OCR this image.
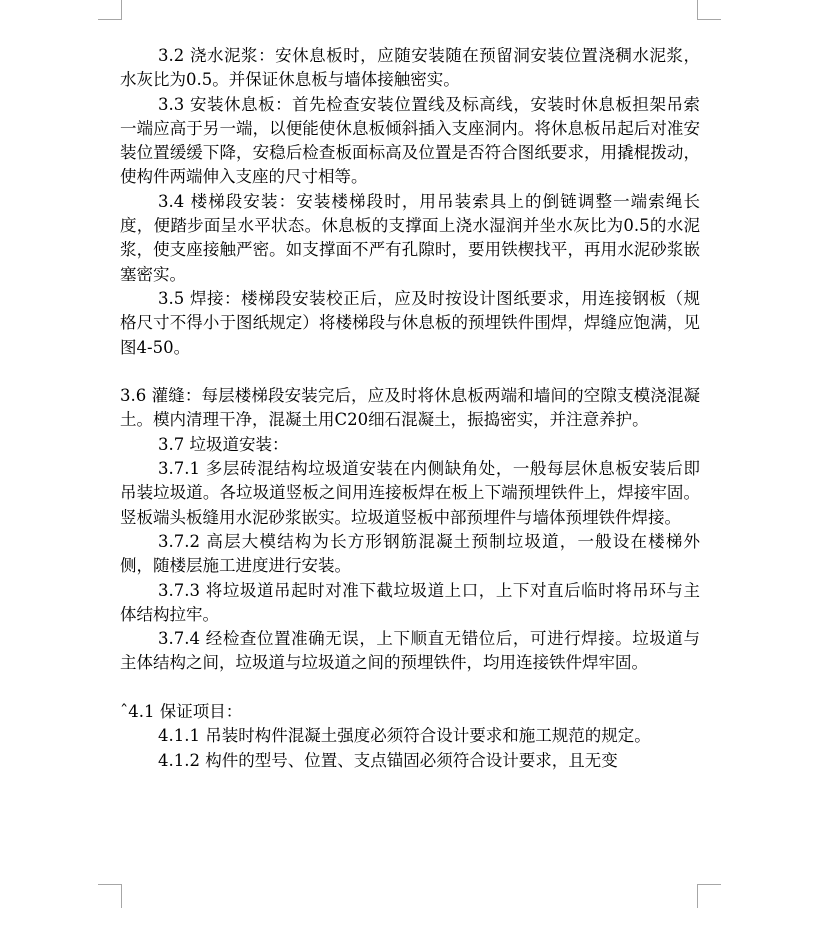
3.2 浇水泥浆：安休息板时，应随安装随在预留洞安装位置浇稠水泥浆，水灰比为0.5。并保证休息板与墙体接触密实。

3.3 安装休息板：首先检查安装位置线及标高线，安装时休息板担架吊索一端应高于另一端，以便能使休息板倾斜插入支座洞内。将休息板吊起后对准安装位置缓缓下降，安稳后检查板面标高及位置是否符合图纸要求，用撬棍拨动，使构件两端伸入支座的尺寸相等。

3.4 楼梯段安装：安装楼梯段时，用吊装索具上的倒链调整一端索绳长度，便踏步面呈水平状态。休息板的支撑面上浇水湿润并坐水灰比为0.5的水泥浆，使支座接触严密。如支撑面不严有孔隙时，要用铁楔找平，再用水泥砂浆嵌塞密实。

3.5 焊接：楼梯段安装校正后，应及时按设计图纸要求，用连接钢板（规格尺寸不得小于图纸规定）将楼梯段与休息板的预埋铁件围焊，焊缝应饱满，见图4-50。

3.6 灌缝：每层楼梯段安装完后，应及时将休息板两端和墙间的空隙支模浇混凝土。模内清理干净，混凝土用C20细石混凝土，振捣密实，并注意养护。

3.7 垃圾道安装：

3.7.1 多层砖混结构垃圾道安装在内侧缺角处，一般每层休息板安装后即吊装垃圾道。各垃圾道竖板之间用连接板焊在板上下端预埋铁件上，焊接牢固。竖板端头板缝用水泥砂浆嵌实。垃圾道竖板中部预埋件与墙体预埋铁件焊接。

3.7.2 高层大模结构为长方形钢筋混凝土预制垃圾道，一般设在楼梯外侧，随楼层施工进度进行安装。

3.7.3 将垃圾道吊起时对准下截垃圾道上口，上下对直后临时将吊环与主体结构拉牢。

3.7.4 经检查位置准确无误，上下顺直无错位后，可进行焊接。垃圾道与主体结构之间，垃圾道与垃圾道之间的预埋铁件，均用连接铁件焊牢固。

ˆ4.1 保证项目：

4.1.1 吊装时构件混凝土强度必须符合设计要求和施工规范的规定。

4.1.2 构件的型号、位置、支点锚固必须符合设计要求，且无变
